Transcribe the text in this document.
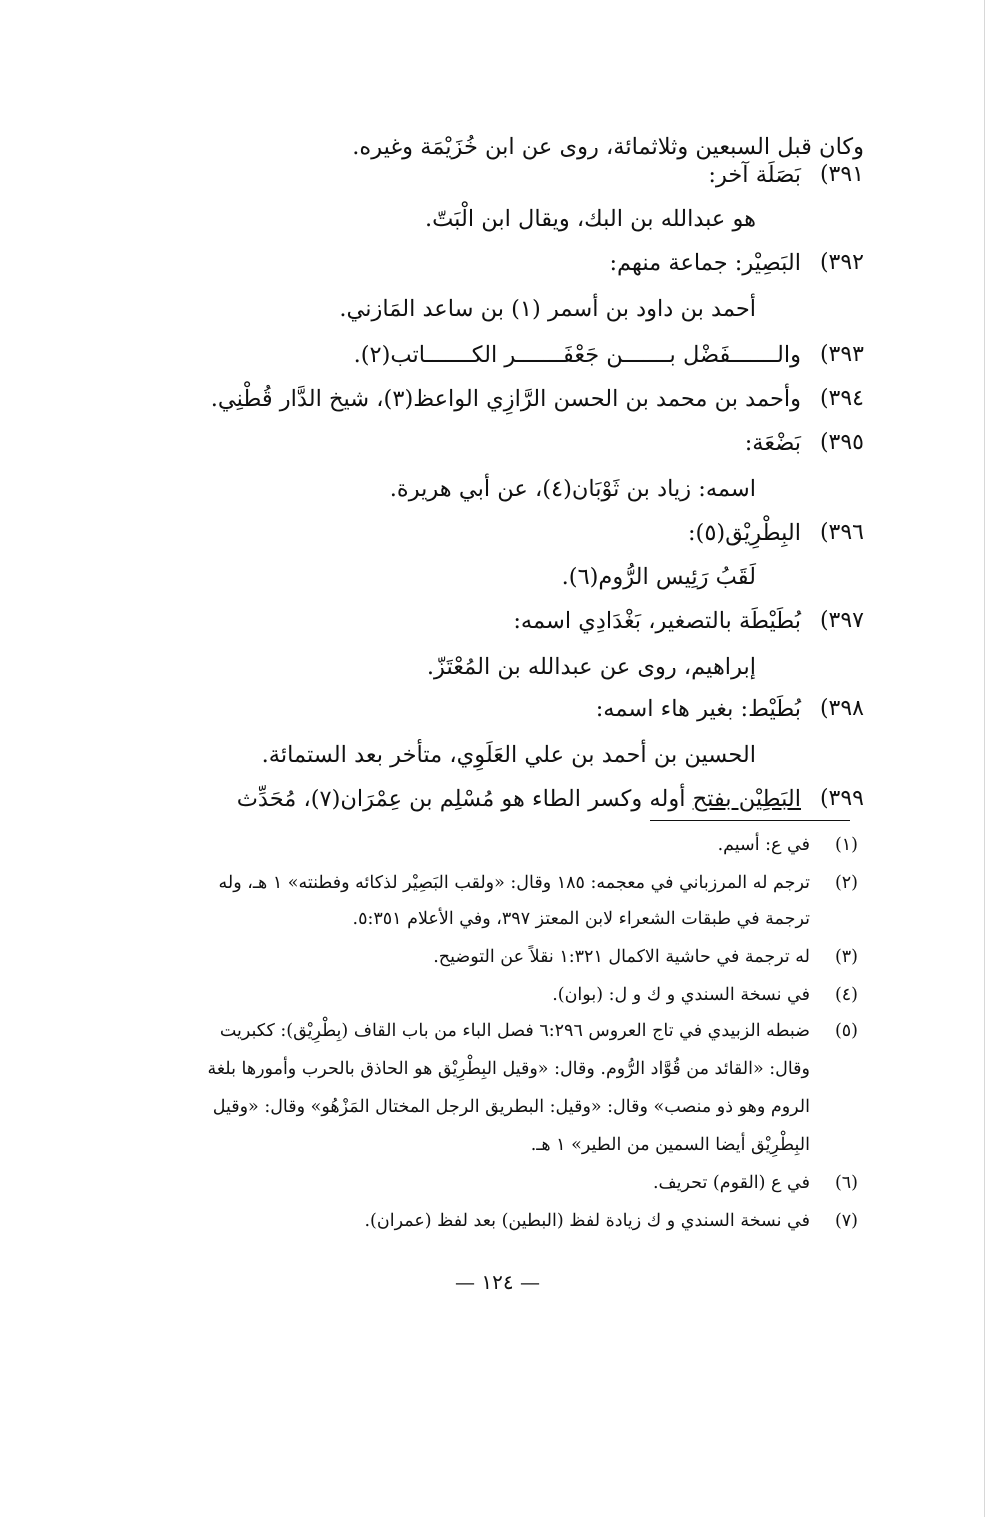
وكان قبل السبعين وثلاثمائة، روى عن ابن خُزَيْمَة وغيره.
٣٩١)
بَصَلَة آخر:
هو عبدالله بن البك، ويقال ابن الْبَتّ.
٣٩٢)
البَصِيْر: جماعة منهم:
أحمد بن داود بن أسمر (١) بن ساعد المَازني.
٣٩٣)
والـــــــفَضْل بـــــــن جَعْفَـــــــر الكـــــــاتب(٢).
٣٩٤)
وأحمد بن محمد بن الحسن الرَّازِي الواعظ(٣)، شيخ الدَّار قُطْنِي.
٣٩٥)
بَضْعَة:
اسمه: زياد بن ثَوْبَان(٤)، عن أبي هريرة.
٣٩٦)
البِطْرِيْق(٥):
لَقَبُ رَئِيس الرُّوم(٦).
٣٩٧)
بُطَيْطَة بالتصغير، بَغْدَادِي اسمه:
إبراهيم، روى عن عبدالله بن المُعْتَزّ.
٣٩٨)
بُطَيْط: بغير هاء اسمه:
الحسين بن أحمد بن علي العَلَوِي، متأخر بعد الستمائة.
٣٩٩)
البَطِيْن بفتح أوله وكسر الطاء هو مُسْلِم بن عِمْرَان(٧)، مُحَدِّث
(١)
في ع: أسيم.
(٢)
ترجم له المرزباني في معجمه: ١٨٥ وقال: «ولقب البَصِيْر لذكائه وفطنته» ١ هـ، وله
ترجمة في طبقات الشعراء لابن المعتز ٣٩٧، وفي الأعلام ٥:٣٥١.
(٣)
له ترجمة في حاشية الاكمال ١:٣٢١ نقلاً عن التوضيح.
(٤)
في نسخة السندي و ك و ل: (بوان).
(٥)
ضبطه الزبيدي في تاج العروس ٦:٢٩٦ فصل الباء من باب القاف (بِطْرِيْق): ككبريت
وقال: «القائد من قُوَّاد الرُّوم. وقال: «وقيل البِطْرِيْق هو الحاذق بالحرب وأمورها بلغة
الروم وهو ذو منصب» وقال: «وقيل: البطريق الرجل المختال المَزْهُو» وقال: «وقيل
البِطْرِيْق أيضا السمين من الطير» ١ هـ.
(٦)
في ع (القوم) تحريف.
(٧)
في نسخة السندي و ك زيادة لفظ (البطين) بعد لفظ (عمران).
— ١٢٤ —
